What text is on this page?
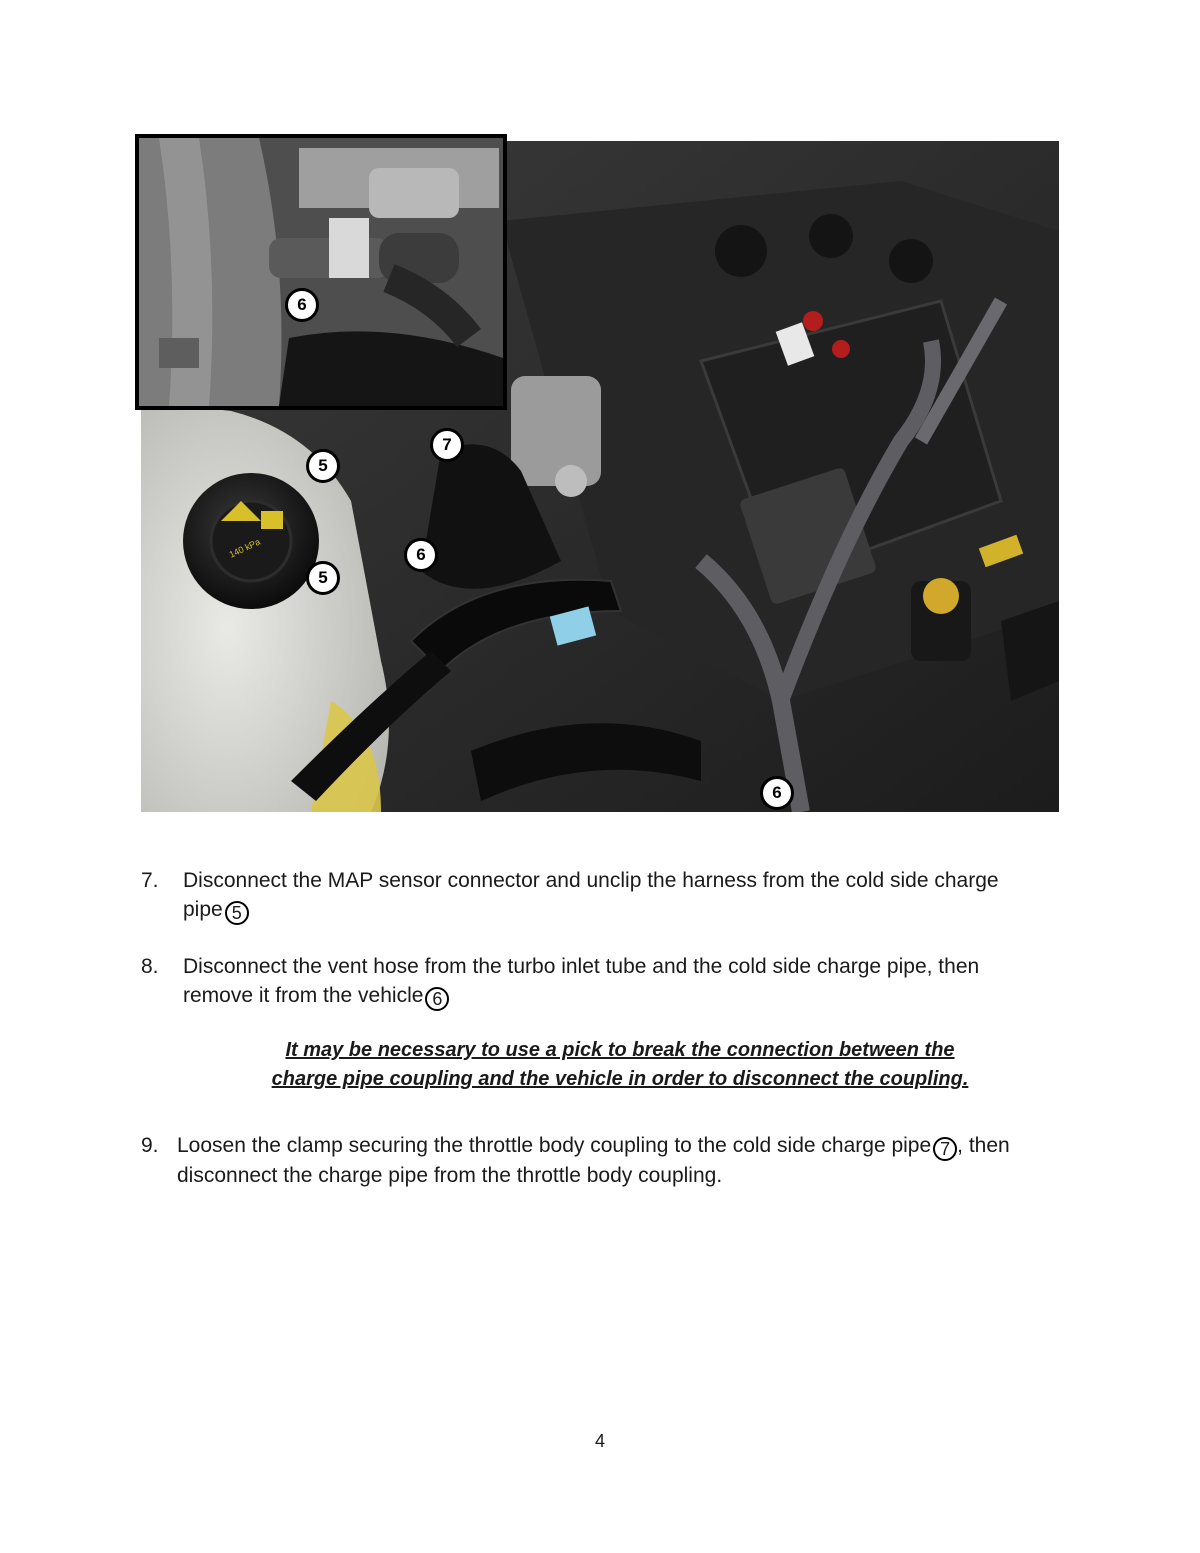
140 kPa
6
5
5
7
6
6
7.	Disconnect the MAP sensor connector and unclip the harness from the cold side charge pipe 5
8.	Disconnect the vent hose from the turbo inlet tube and the cold side charge pipe, then remove it from the vehicle 6
It may be necessary to use a pick to break the connection between the
charge pipe coupling and the vehicle in order to disconnect the coupling.
9. Loosen the clamp securing the throttle body coupling to the cold side charge pipe 7 , then disconnect the charge pipe from the throttle body coupling.
4
